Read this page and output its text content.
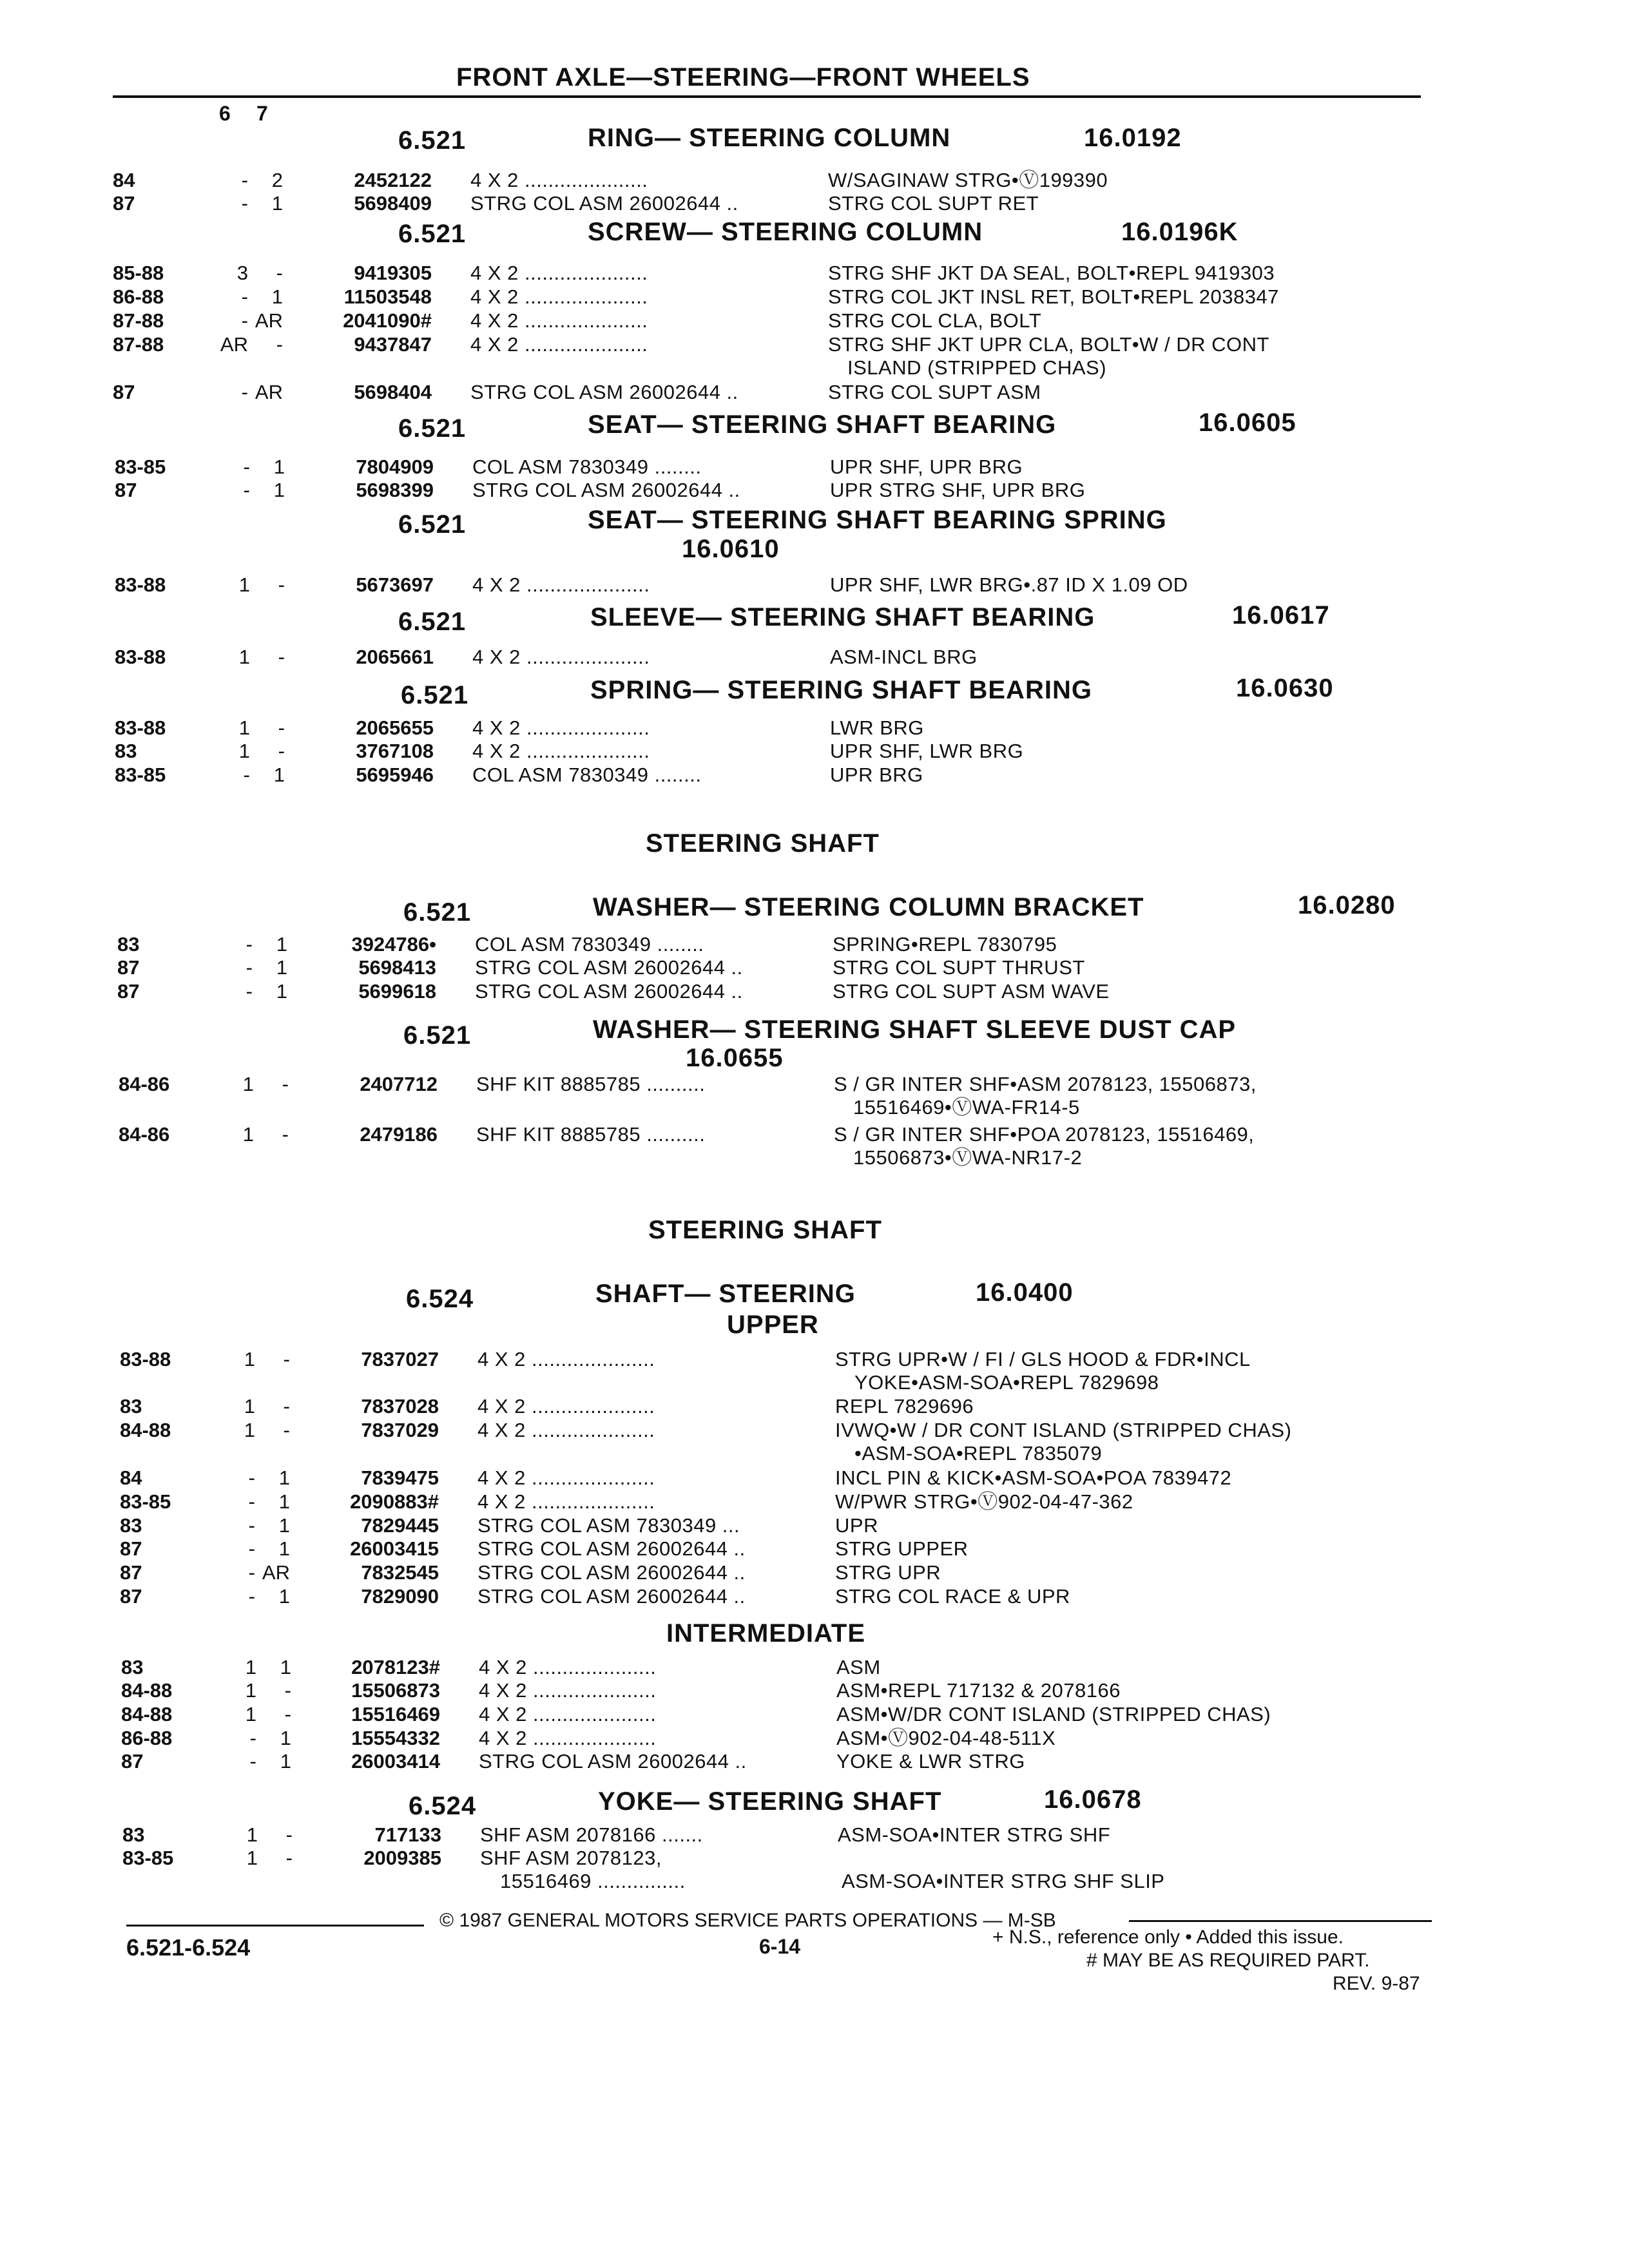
FRONT AXLE—STEERING—FRONT WHEELS
6 7
6.521	RING— STEERING COLUMN	16.0192
84	-	2	2452122 4 X 2 .....................	W/SAGINAW STRG•Ⓥ199390
87	-	1	5698409 STRG COL ASM 26002644 ..	STRG COL SUPT RET
6.521	SCREW— STEERING COLUMN	16.0196K
85-88	3	-	9419305 4 X 2 .....................	STRG SHF JKT DA SEAL, BOLT•REPL 9419303
86-88	-	1	11503548 4 X 2 .....................	STRG COL JKT INSL RET, BOLT•REPL 2038347
87-88	- AR	2041090# 4 X 2 .....................	STRG COL CLA, BOLT
87-88	AR	-	9437847 4 X 2 .....................	STRG SHF JKT UPR CLA, BOLT•W / DR CONT
ISLAND (STRIPPED CHAS)
87	- AR	5698404 STRG COL ASM 26002644 ..	STRG COL SUPT ASM
6.521	SEAT— STEERING SHAFT BEARING	16.0605
83-85	-	1	7804909 COL ASM 7830349 ........	UPR SHF, UPR BRG
87	-	1	5698399 STRG COL ASM 26002644 ..	UPR STRG SHF, UPR BRG
6.521	SEAT— STEERING SHAFT BEARING SPRING
16.0610
83-88	1	-	5673697 4 X 2 .....................	UPR SHF, LWR BRG•.87 ID X 1.09 OD
6.521	SLEEVE— STEERING SHAFT BEARING	16.0617
83-88	1	-	2065661 4 X 2 .....................	ASM-INCL BRG
6.521	SPRING— STEERING SHAFT BEARING	16.0630
83-88	1	-	2065655 4 X 2 .....................	LWR BRG
83	1	-	3767108 4 X 2 .....................	UPR SHF, LWR BRG
83-85	-	1	5695946 COL ASM 7830349 ........	UPR BRG
STEERING SHAFT
6.521	WASHER— STEERING COLUMN BRACKET	16.0280
83	-	1	3924786• COL ASM 7830349 ........	SPRING•REPL 7830795
87	-	1	5698413 STRG COL ASM 26002644 ..	STRG COL SUPT THRUST
87	-	1	5699618 STRG COL ASM 26002644 ..	STRG COL SUPT ASM WAVE
6.521	WASHER— STEERING SHAFT SLEEVE DUST CAP
16.0655
84-86	1	-	2407712 SHF KIT 8885785 ..........	S / GR INTER SHF•ASM 2078123, 15506873,
15516469•ⓋWA-FR14-5
84-86	1	-	2479186 SHF KIT 8885785 ..........	S / GR INTER SHF•POA 2078123, 15516469,
15506873•ⓋWA-NR17-2
STEERING SHAFT
6.524	SHAFT— STEERING
UPPER
16.0400
83-88	1	-	7837027 4 X 2 .....................	STRG UPR•W / FI / GLS HOOD & FDR•INCL
YOKE•ASM-SOA•REPL 7829698
83	1	-	7837028 4 X 2 .....................	REPL 7829696
84-88	1	-	7837029 4 X 2 .....................	IVWQ•W / DR CONT ISLAND (STRIPPED CHAS)
•ASM-SOA•REPL 7835079
84	-	1	7839475 4 X 2 .....................	INCL PIN & KICK•ASM-SOA•POA 7839472
83-85	-	1	2090883# 4 X 2 .....................	W/PWR STRG•Ⓥ902-04-47-362
83	-	1	7829445 STRG COL ASM 7830349 ...	UPR
87	-	1	26003415 STRG COL ASM 26002644 ..	STRG UPPER
87	- AR	7832545 STRG COL ASM 26002644 ..	STRG UPR
87	-	1	7829090 STRG COL ASM 26002644 ..	STRG COL RACE & UPR
INTERMEDIATE
83	1	1	2078123# 4 X 2 .....................	ASM
84-88	1	-	15506873 4 X 2 .....................	ASM•REPL 717132 & 2078166
84-88	1	-	15516469 4 X 2 .....................	ASM•W/DR CONT ISLAND (STRIPPED CHAS)
86-88	-	1	15554332 4 X 2 .....................	ASM•Ⓥ902-04-48-511X
87	-	1	26003414 STRG COL ASM 26002644 ..	YOKE & LWR STRG
6.524	YOKE— STEERING SHAFT	16.0678
83	1	-	717133 SHF ASM 2078166 .......	ASM-SOA•INTER STRG SHF
83-85	1	-	2009385 SHF ASM 2078123,
15516469 ...............	ASM-SOA•INTER STRG SHF SLIP
© 1987 GENERAL MOTORS SERVICE PARTS OPERATIONS — M-SB
6.521-6.524	6-14	+ N.S., reference only • Added this issue.
# MAY BE AS REQUIRED PART.
REV. 9-87
